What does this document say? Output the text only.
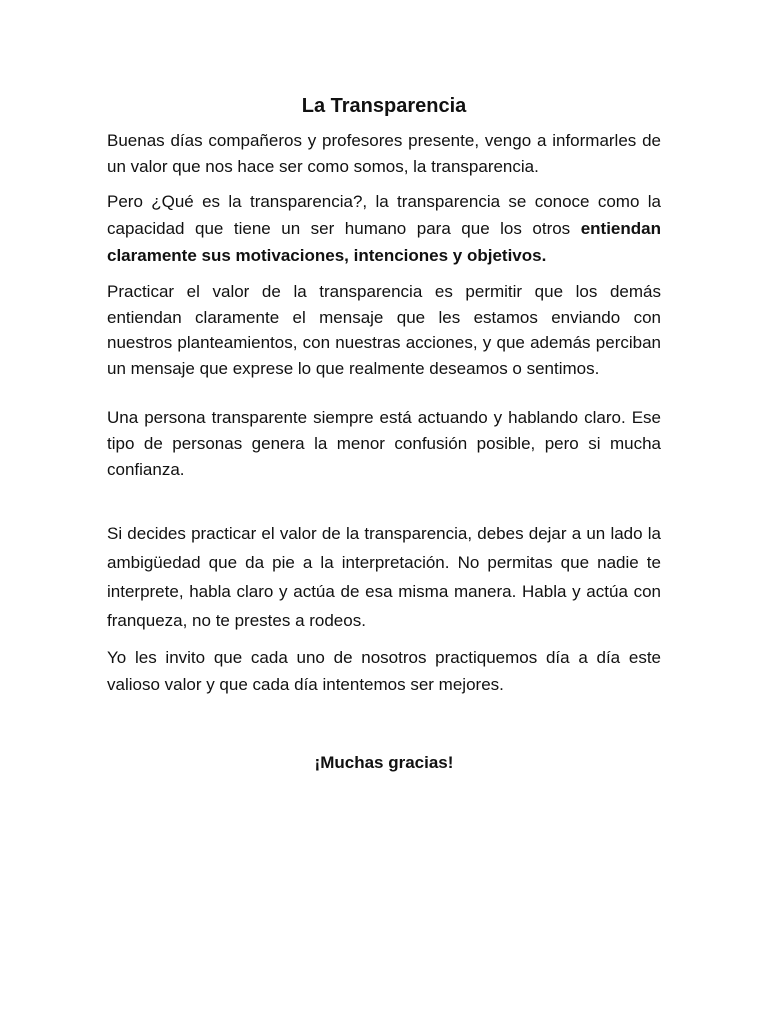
La Transparencia

Buenas días compañeros y profesores presente, vengo a informarles de un valor que nos hace ser como somos, la transparencia.

Pero ¿Qué es la transparencia?, la transparencia se conoce como la capacidad que tiene un ser humano para que los otros entiendan claramente sus motivaciones, intenciones y objetivos.

Practicar el valor de la transparencia es permitir que los demás entiendan claramente el mensaje que les estamos enviando con nuestros planteamientos, con nuestras acciones, y que además perciban un mensaje que exprese lo que realmente deseamos o sentimos.

Una persona transparente siempre está actuando y hablando claro. Ese tipo de personas genera la menor confusión posible, pero si mucha confianza.

Si decides practicar el valor de la transparencia, debes dejar a un lado la ambigüedad que da pie a la interpretación. No permitas que nadie te interprete, habla claro y actúa de esa misma manera. Habla y actúa con franqueza, no te prestes a rodeos.

Yo les invito que cada uno de nosotros practiquemos día a día este valioso valor y que cada día intentemos ser mejores.

¡Muchas gracias!
